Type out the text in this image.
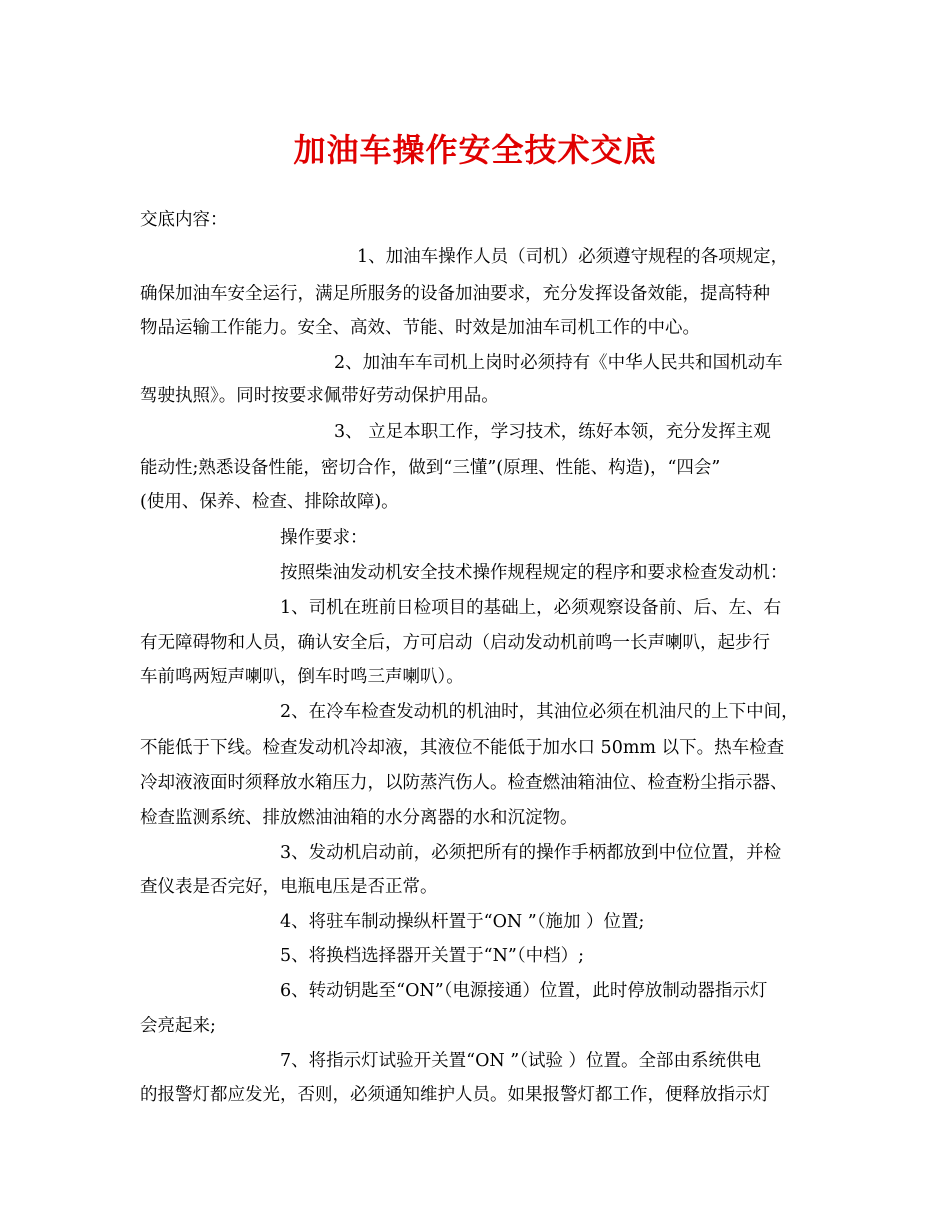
加油车操作安全技术交底
交底内容：
1、加油车操作人员（司机）必须遵守规程的各项规定，
确保加油车安全运行，满足所服务的设备加油要求，充分发挥设备效能，提高特种
物品运输工作能力。安全、高效、节能、时效是加油车司机工作的中心。
2、加油车车司机上岗时必须持有《中华人民共和国机动车
驾驶执照》。同时按要求佩带好劳动保护用品。
3、 立足本职工作，学习技术，练好本领，充分发挥主观
能动性;熟悉设备性能，密切合作，做到“三懂”(原理、性能、构造)，“四会”
(使用、保养、检查、排除故障)。
操作要求：
按照柴油发动机安全技术操作规程规定的程序和要求检查发动机：
1、司机在班前日检项目的基础上，必须观察设备前、后、左、右
有无障碍物和人员，确认安全后，方可启动（启动发动机前鸣一长声喇叭，起步行
车前鸣两短声喇叭，倒车时鸣三声喇叭）。
2、在冷车检查发动机的机油时，其油位必须在机油尺的上下中间，
不能低于下线。检查发动机冷却液，其液位不能低于加水口 50mm 以下。热车检查
冷却液液面时须释放水箱压力，以防蒸汽伤人。检查燃油箱油位、检查粉尘指示器、
检查监测系统、排放燃油油箱的水分离器的水和沉淀物。
3、发动机启动前，必须把所有的操作手柄都放到中位位置，并检
查仪表是否完好，电瓶电压是否正常。
4、将驻车制动操纵杆置于“ON ”（施加 ）位置;
5、将换档选择器开关置于“N”（中档）;
6、转动钥匙至“ON”（电源接通）位置，此时停放制动器指示灯
会亮起来;
7、将指示灯试验开关置“ON ”（试验 ）位置。全部由系统供电
的报警灯都应发光，否则，必须通知维护人员。如果报警灯都工作，便释放指示灯
